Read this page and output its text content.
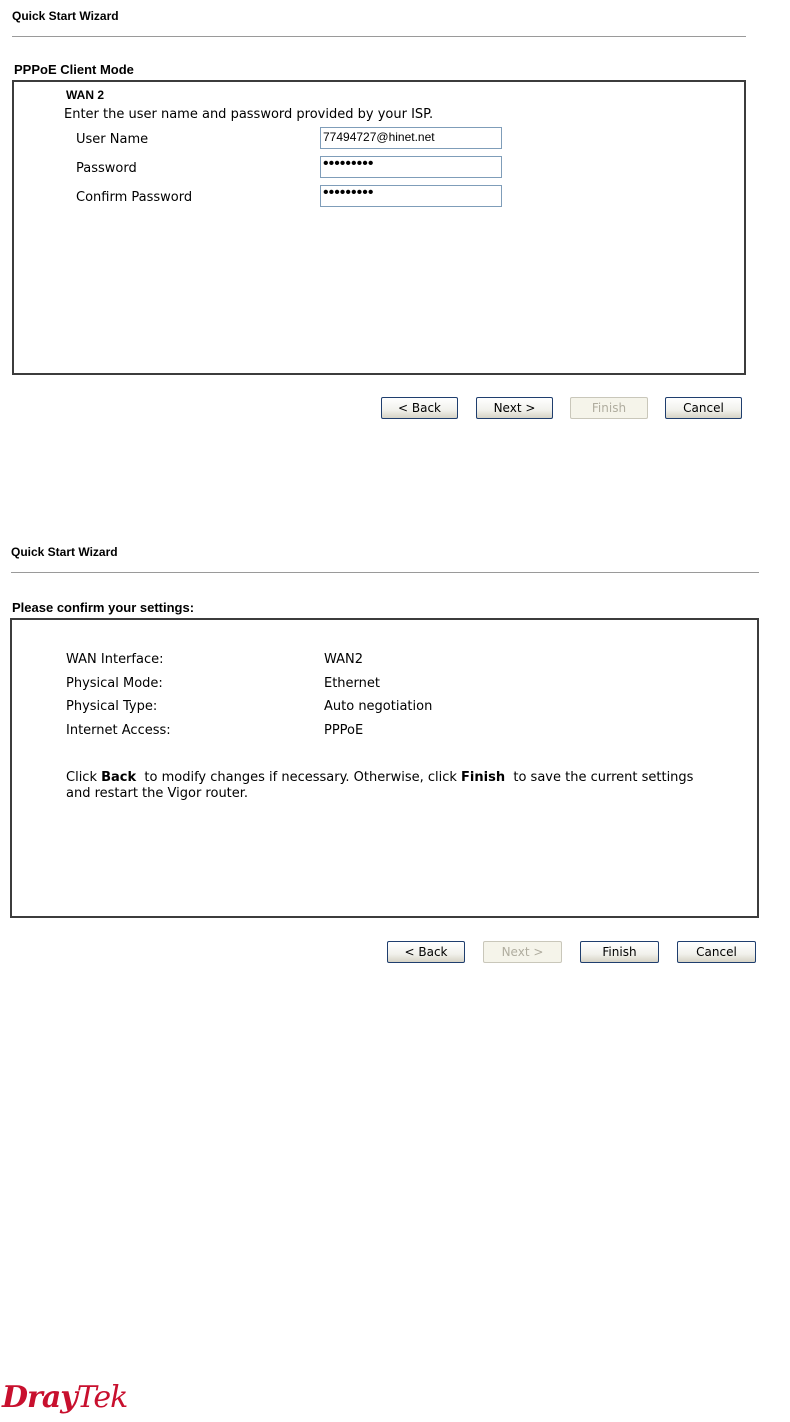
Quick Start Wizard
PPPoE Client Mode
WAN 2
Enter the user name and password provided by your ISP.
User Name	77494727@hinet.net
Password	•••••••••
Confirm Password	•••••••••
< Back	Next >	Finish	Cancel
Quick Start Wizard
Please confirm your settings:
WAN Interface:	WAN2
Physical Mode:	Ethernet
Physical Type:	Auto negotiation
Internet Access:	PPPoE
Click Back  to modify changes if necessary. Otherwise, click Finish  to save the current settings and restart the Vigor router.
< Back	Next >	Finish	Cancel
DrayTek
